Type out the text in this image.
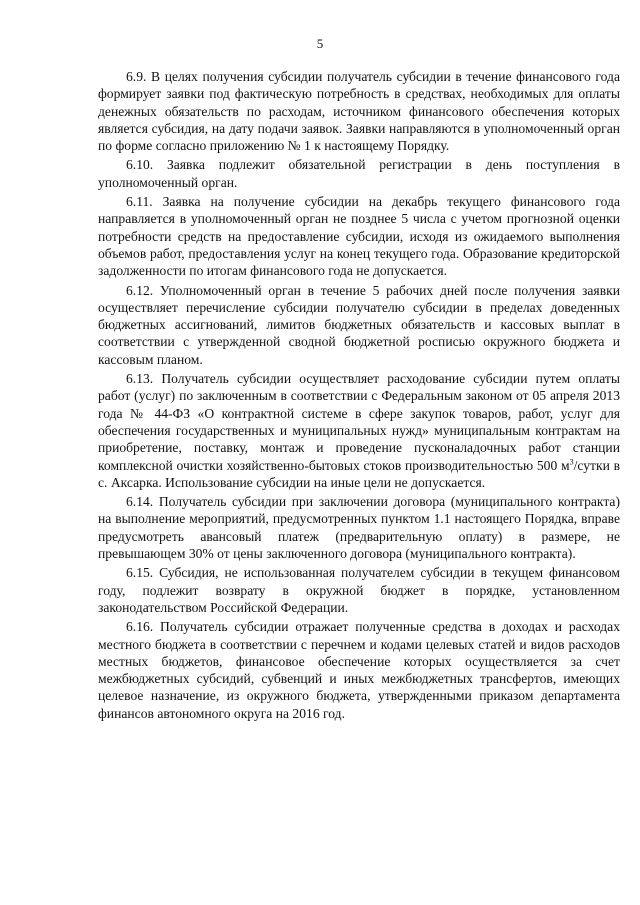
5

6.9. В целях получения субсидии получатель субсидии в течение финансового года формирует заявки под фактическую потребность в средствах, необходимых для оплаты денежных обязательств по расходам, источником финансового обеспечения которых является субсидия, на дату подачи заявок. Заявки направляются в уполномоченный орган по форме согласно приложению № 1 к настоящему Порядку.

6.10. Заявка подлежит обязательной регистрации в день поступления в уполномоченный орган.

6.11. Заявка на получение субсидии на декабрь текущего финансового года направляется в уполномоченный орган не позднее 5 числа с учетом прогнозной оценки потребности средств на предоставление субсидии, исходя из ожидаемого выполнения объемов работ, предоставления услуг на конец текущего года. Образование кредиторской задолженности по итогам финансового года не допускается.

6.12. Уполномоченный орган в течение 5 рабочих дней после получения заявки осуществляет перечисление субсидии получателю субсидии в пределах доведенных бюджетных ассигнований, лимитов бюджетных обязательств и кассовых выплат в соответствии с утвержденной сводной бюджетной росписью окружного бюджета и кассовым планом.

6.13. Получатель субсидии осуществляет расходование субсидии путем оплаты работ (услуг) по заключенным в соответствии с Федеральным законом от 05 апреля 2013 года № 44-ФЗ «О контрактной системе в сфере закупок товаров, работ, услуг для обеспечения государственных и муниципальных нужд» муниципальным контрактам на приобретение, поставку, монтаж и проведение пусконаладочных работ станции комплексной очистки хозяйственно-бытовых стоков производительностью 500 $м^3$/сутки в с. Аксарка. Использование субсидии на иные цели не допускается.

6.14. Получатель субсидии при заключении договора (муниципального контракта) на выполнение мероприятий, предусмотренных пунктом 1.1 настоящего Порядка, вправе предусмотреть авансовый платеж (предварительную оплату) в размере, не превышающем 30% от цены заключенного договора (муниципального контракта).

6.15. Субсидия, не использованная получателем субсидии в текущем финансовом году, подлежит возврату в окружной бюджет в порядке, установленном законодательством Российской Федерации.

6.16. Получатель субсидии отражает полученные средства в доходах и расходах местного бюджета в соответствии с перечнем и кодами целевых статей и видов расходов местных бюджетов, финансовое обеспечение которых осуществляется за счет межбюджетных субсидий, субвенций и иных межбюджетных трансфертов, имеющих целевое назначение, из окружного бюджета, утвержденными приказом департамента финансов автономного округа на 2016 год.
